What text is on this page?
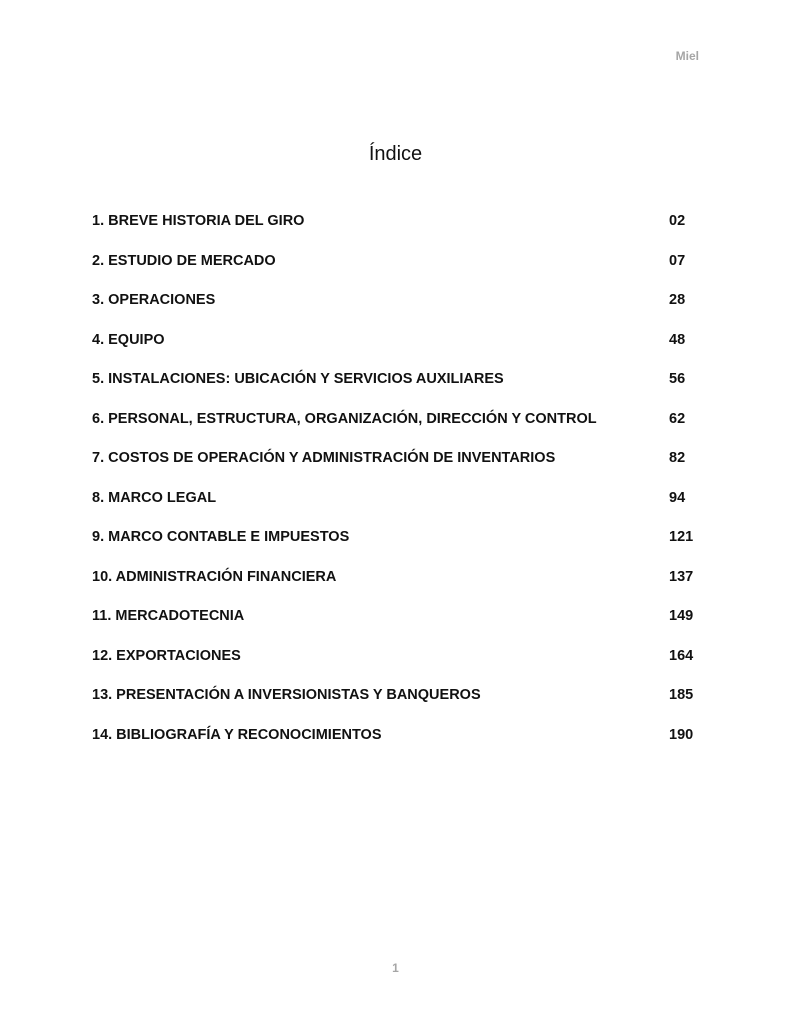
Miel
Índice
1. BREVE HISTORIA DEL GIRO	02
2. ESTUDIO DE MERCADO	07
3. OPERACIONES	28
4. EQUIPO	48
5. INSTALACIONES: UBICACIÓN Y SERVICIOS AUXILIARES	56
6. PERSONAL, ESTRUCTURA, ORGANIZACIÓN, DIRECCIÓN Y CONTROL	62
7. COSTOS DE OPERACIÓN Y ADMINISTRACIÓN DE INVENTARIOS	82
8. MARCO LEGAL	94
9. MARCO CONTABLE E IMPUESTOS	121
10. ADMINISTRACIÓN FINANCIERA	137
11. MERCADOTECNIA	149
12. EXPORTACIONES	164
13. PRESENTACIÓN A INVERSIONISTAS Y BANQUEROS	185
14. BIBLIOGRAFÍA Y RECONOCIMIENTOS	190
1
